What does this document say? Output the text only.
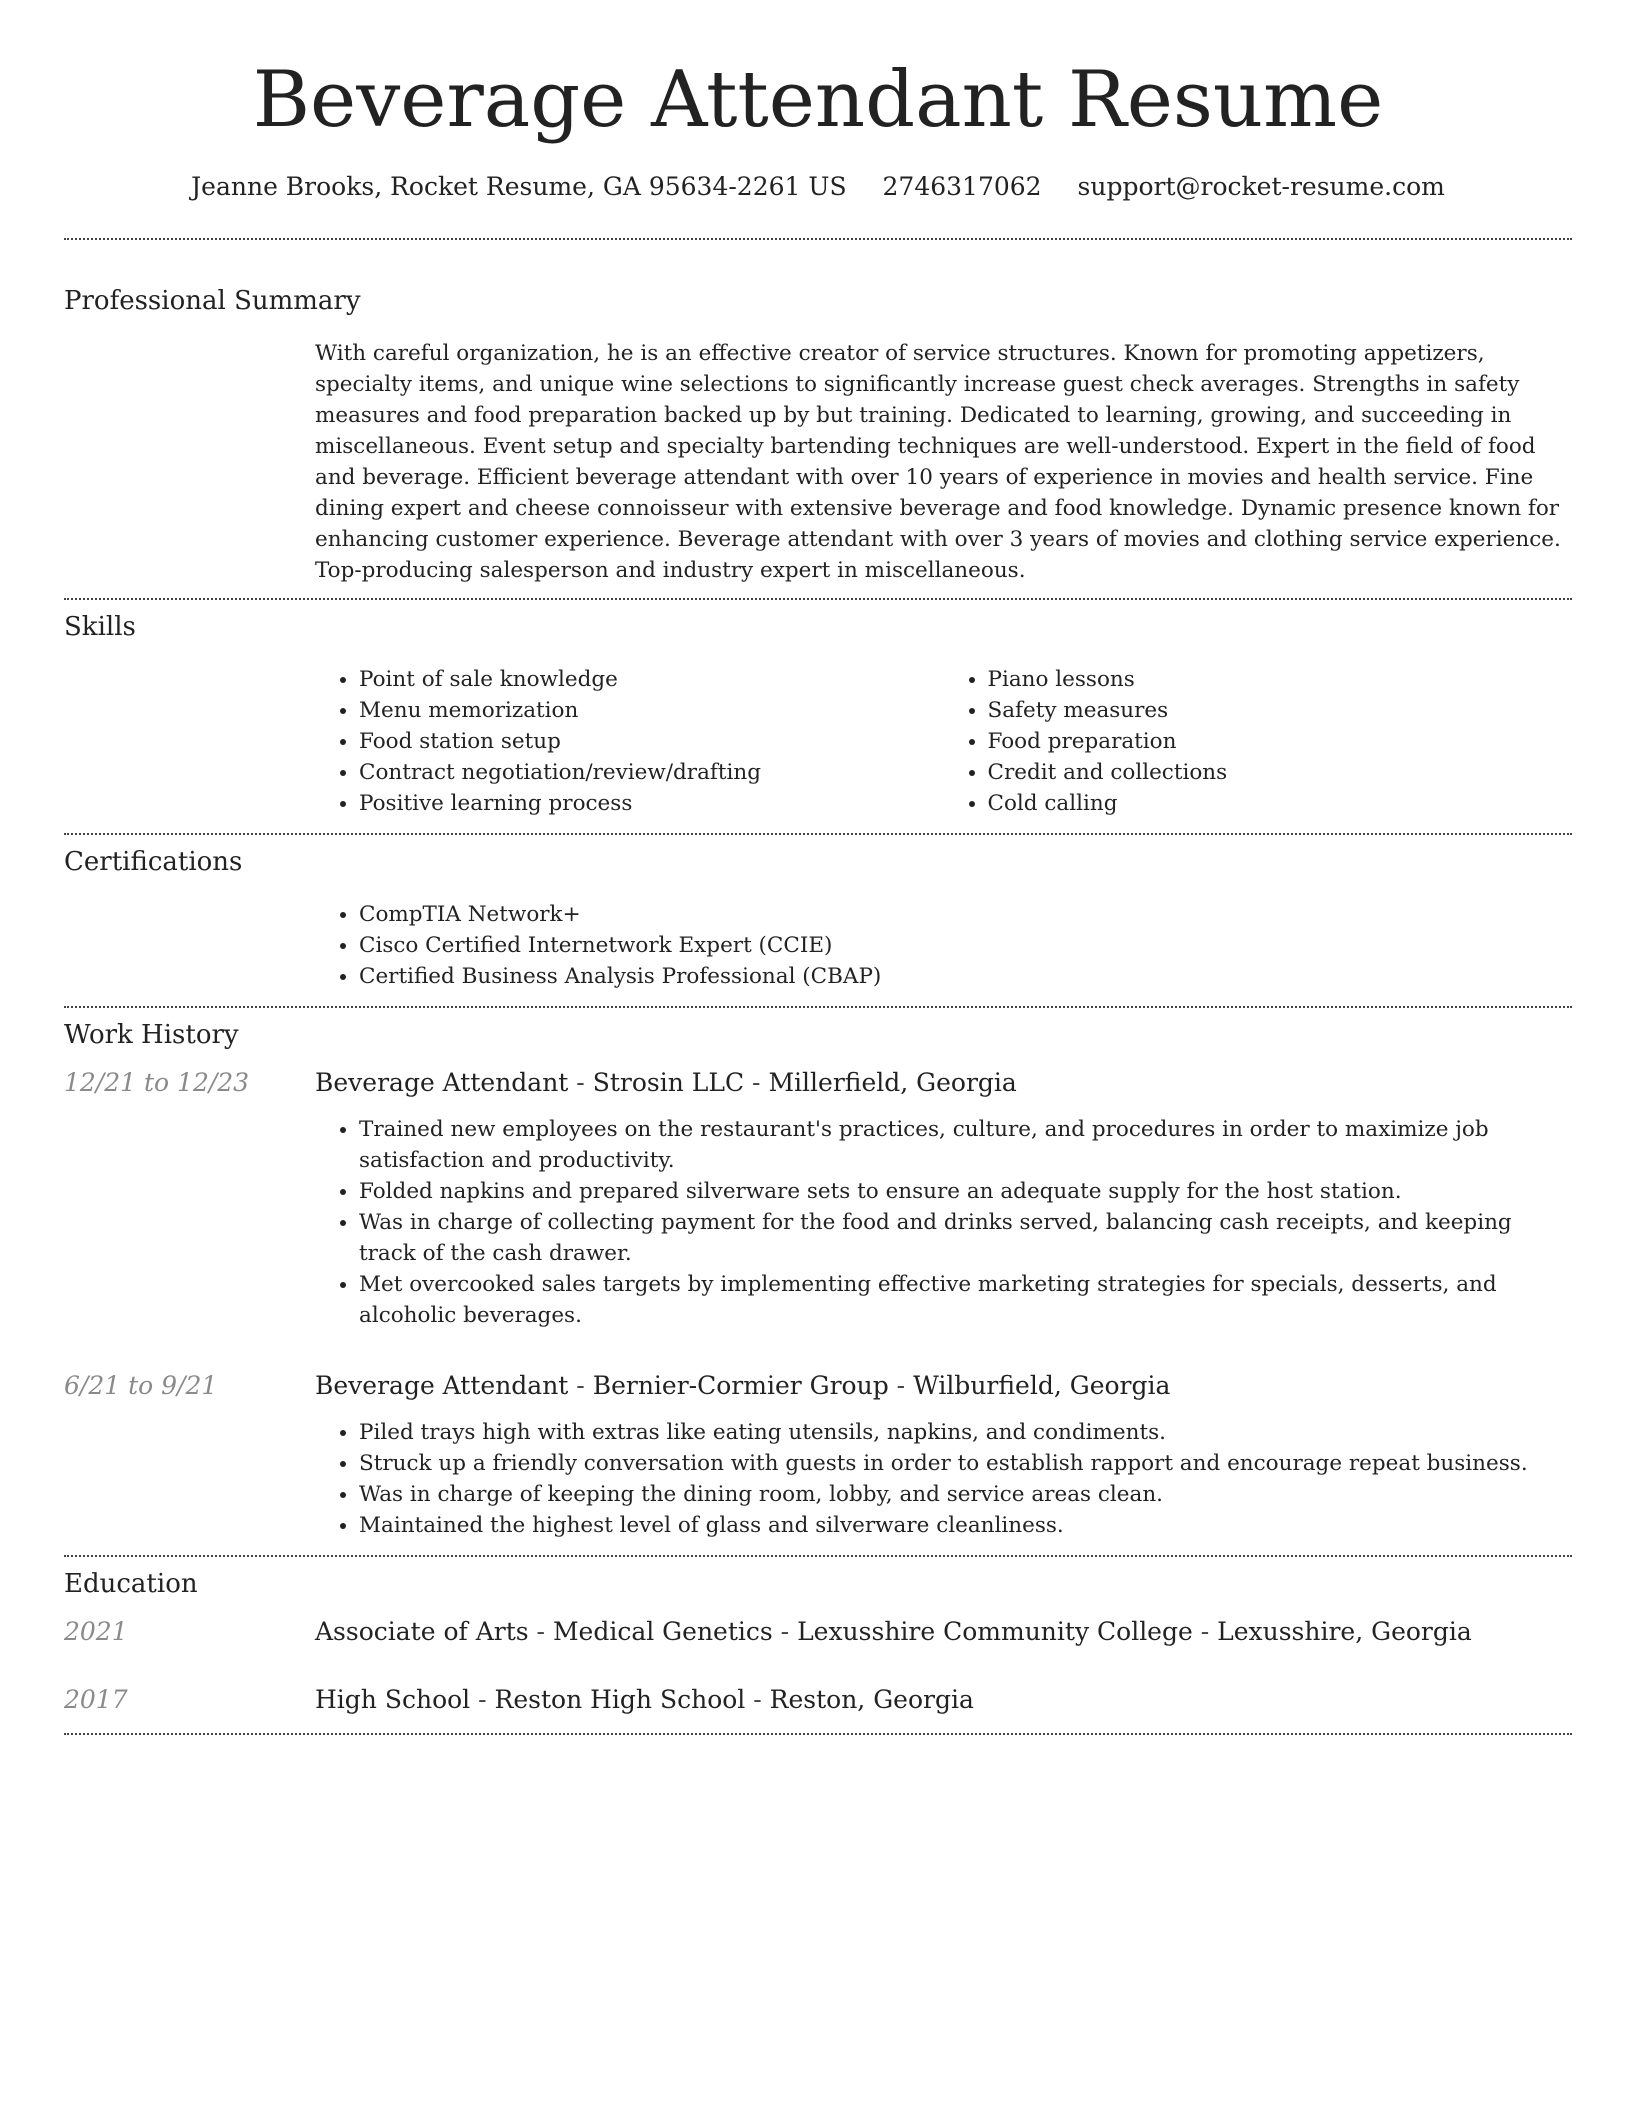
Beverage Attendant Resume
Jeanne Brooks, Rocket Resume, GA 95634-2261 US 2746317062 support@rocket-resume.com
Professional Summary
With careful organization, he is an effective creator of service structures. Known for promoting appetizers, specialty items, and unique wine selections to significantly increase guest check averages. Strengths in safety measures and food preparation backed up by but training. Dedicated to learning, growing, and succeeding in miscellaneous. Event setup and specialty bartending techniques are well-understood. Expert in the field of food and beverage. Efficient beverage attendant with over 10 years of experience in movies and health service. Fine dining expert and cheese connoisseur with extensive beverage and food knowledge. Dynamic presence known for enhancing customer experience. Beverage attendant with over 3 years of movies and clothing service experience. Top-producing salesperson and industry expert in miscellaneous.
Skills
• Point of sale knowledge
• Menu memorization
• Food station setup
• Contract negotiation/review/drafting
• Positive learning process
• Piano lessons
• Safety measures
• Food preparation
• Credit and collections
• Cold calling
Certifications
• CompTIA Network+
• Cisco Certified Internetwork Expert (CCIE)
• Certified Business Analysis Professional (CBAP)
Work History
12/21 to 12/23	Beverage Attendant - Strosin LLC - Millerfield, Georgia
• Trained new employees on the restaurant's practices, culture, and procedures in order to maximize job satisfaction and productivity.
• Folded napkins and prepared silverware sets to ensure an adequate supply for the host station.
• Was in charge of collecting payment for the food and drinks served, balancing cash receipts, and keeping track of the cash drawer.
• Met overcooked sales targets by implementing effective marketing strategies for specials, desserts, and alcoholic beverages.
6/21 to 9/21	Beverage Attendant - Bernier-Cormier Group - Wilburfield, Georgia
• Piled trays high with extras like eating utensils, napkins, and condiments.
• Struck up a friendly conversation with guests in order to establish rapport and encourage repeat business.
• Was in charge of keeping the dining room, lobby, and service areas clean.
• Maintained the highest level of glass and silverware cleanliness.
Education
2021	Associate of Arts - Medical Genetics - Lexusshire Community College - Lexusshire, Georgia
2017	High School - Reston High School - Reston, Georgia
